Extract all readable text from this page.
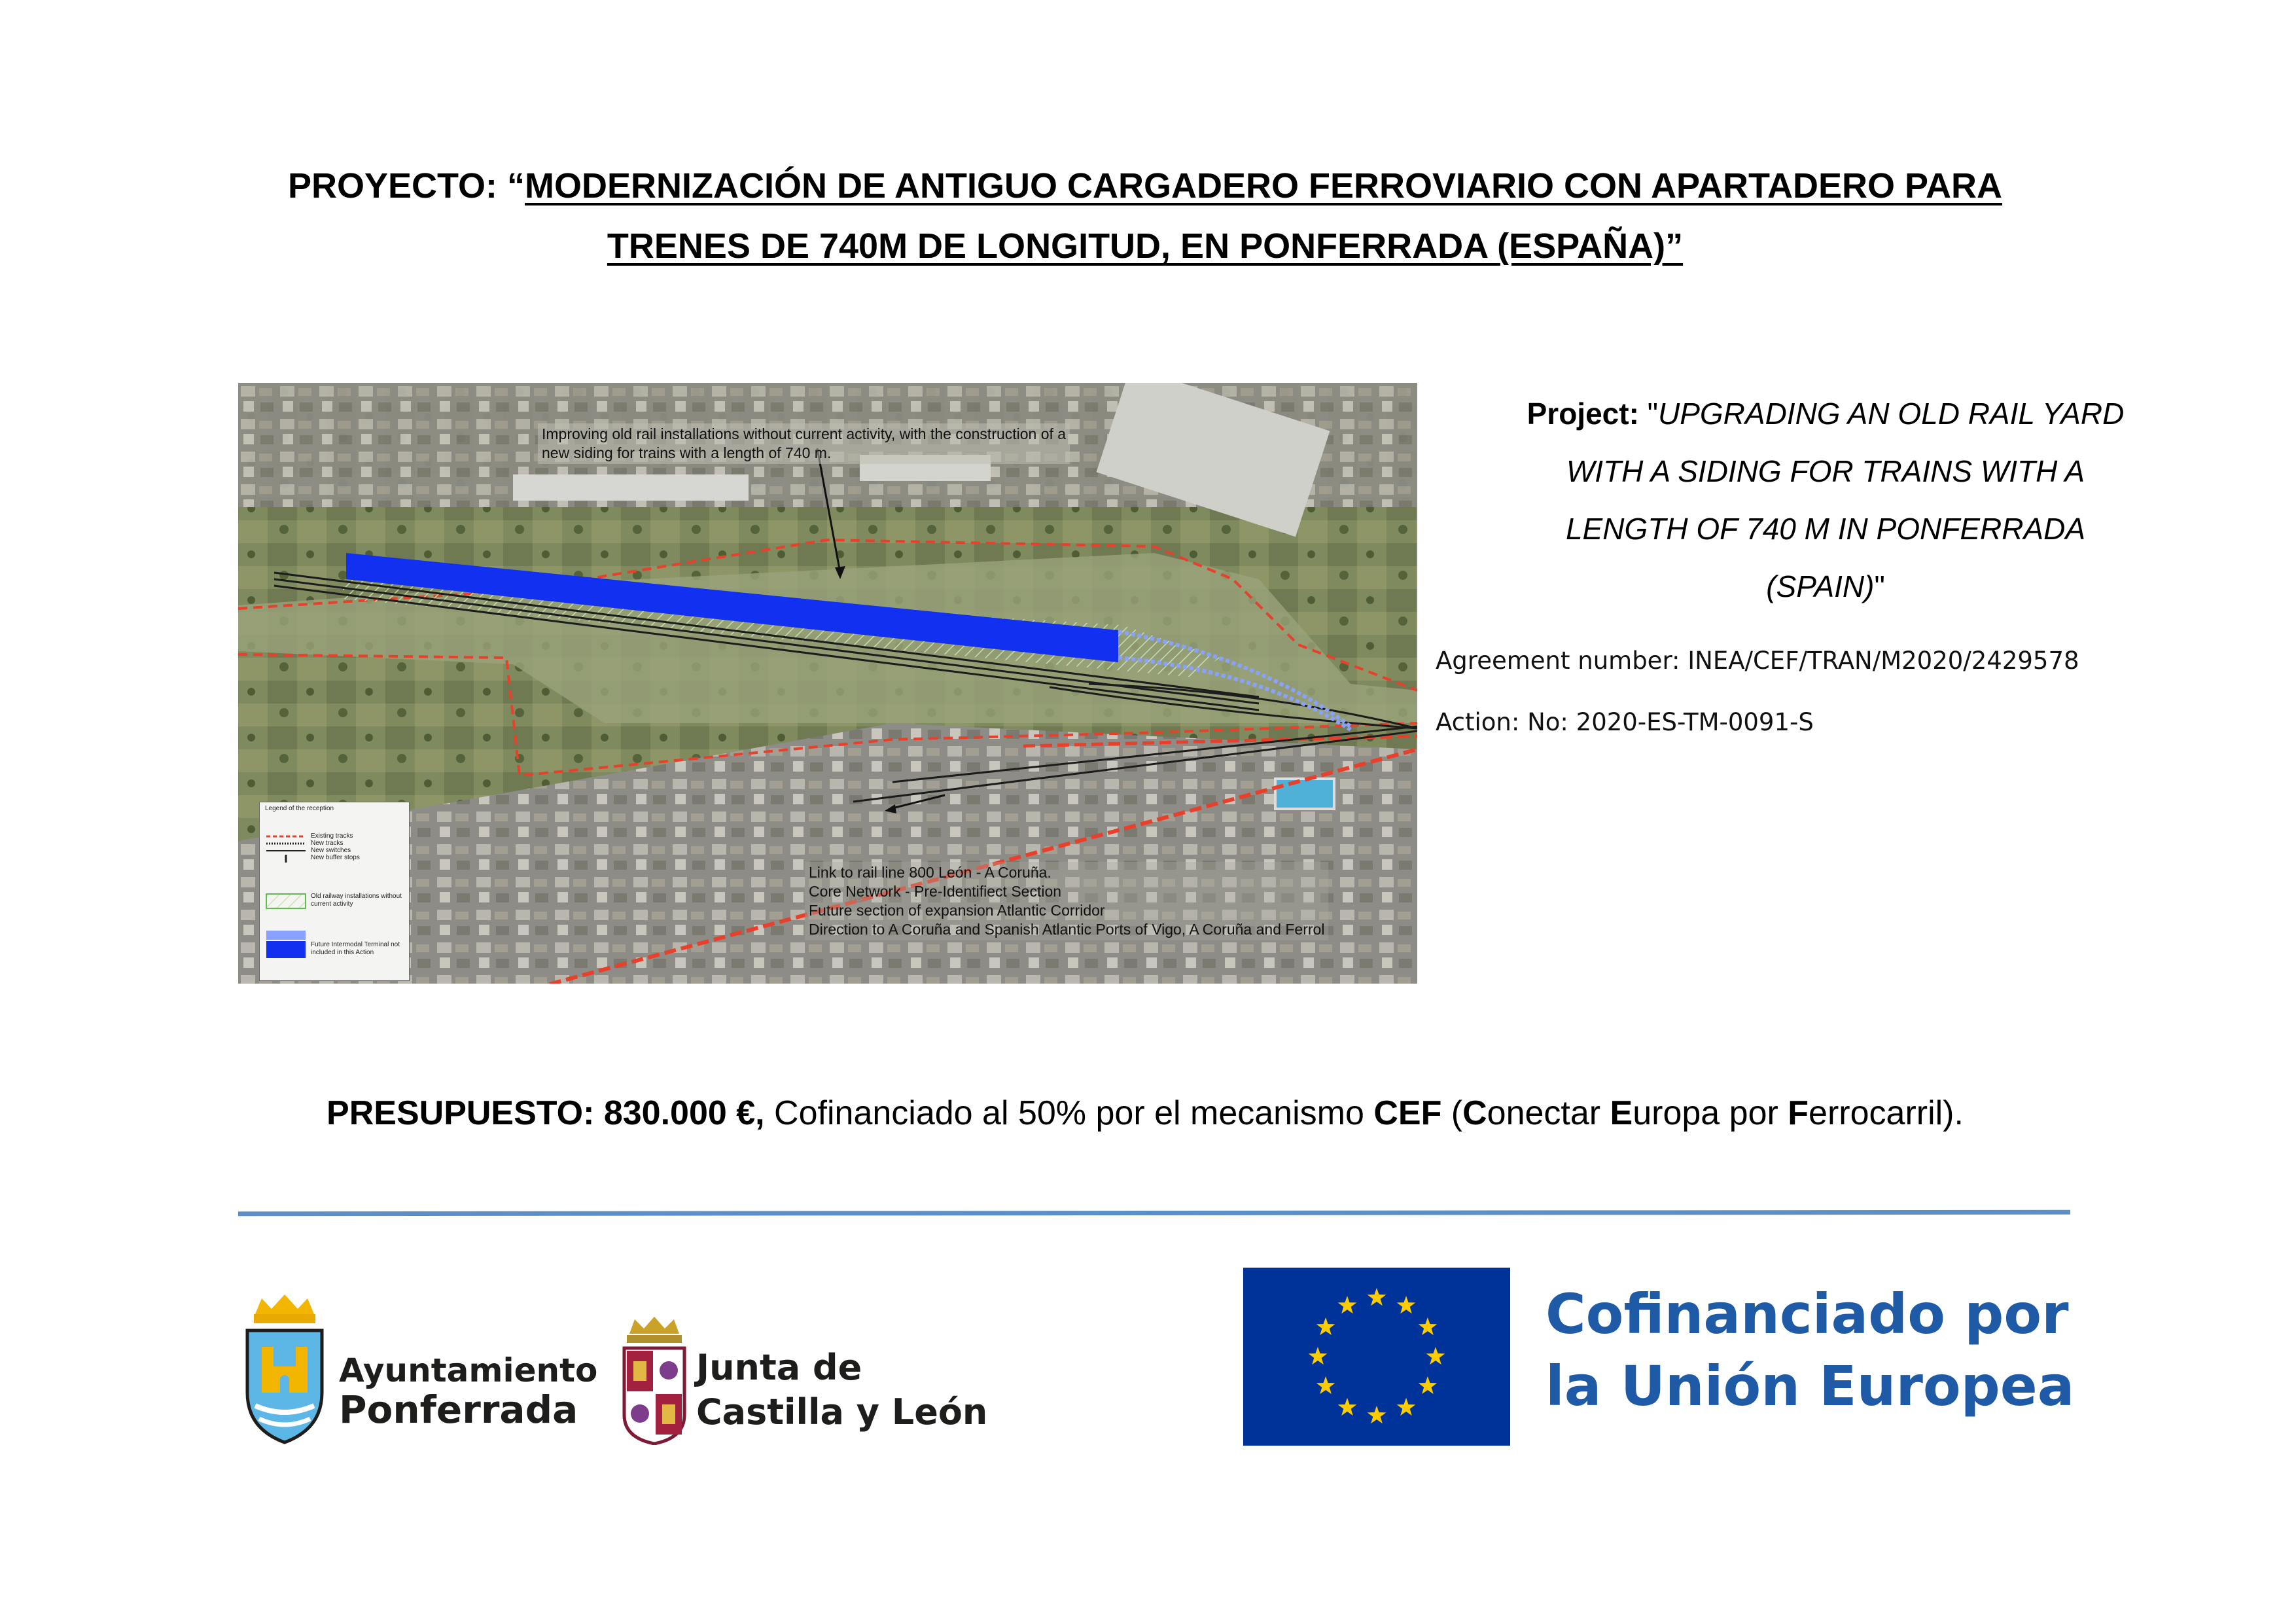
PROYECTO: “MODERNIZACIÓN DE ANTIGUO CARGADERO FERROVIARIO CON APARTADERO PARA
TRENES DE 740M DE LONGITUD, EN PONFERRADA (ESPAÑA)”
Improving old rail installations without current activity, with the construction of a
new siding for trains with a length of 740 m.
Link to rail line 800 León - A Coruña.
Core Network - Pre-Identifiect Section
Future section of expansion Atlantic Corridor
Direction to A Coruña and Spanish Atlantic Ports of Vigo, A Coruña and Ferrol
Legend of the reception
Existing tracks
New tracks
New switches
New buffer stops
Old railway installations without current activity
Future Intermodal Terminal not included in this Action
Project: "UPGRADING AN OLD RAIL YARD
WITH A SIDING FOR TRAINS WITH A
LENGTH OF 740 M IN PONFERRADA
(SPAIN)"
Agreement number: INEA/CEF/TRAN/M2020/2429578
Action: No: 2020-ES-TM-0091-S
PRESUPUESTO: 830.000 €, Cofinanciado al 50% por el mecanismo CEF (Conectar Europa por Ferrocarril).
Ayuntamiento
Ponferrada
Junta de
Castilla y León
Cofinanciado por
la Unión Europea
